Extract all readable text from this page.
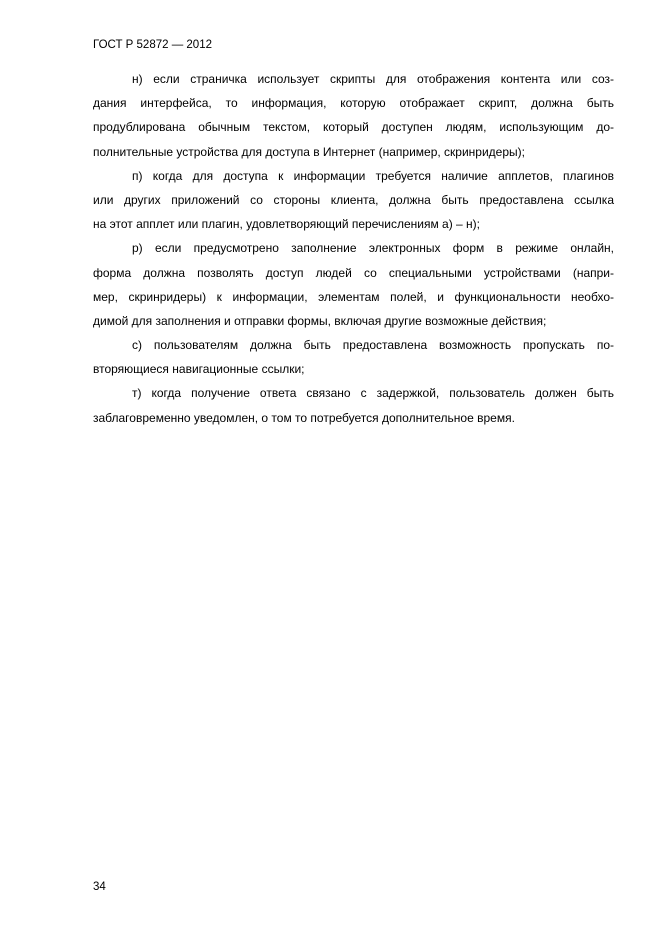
ГОСТ Р 52872 — 2012

н) если страничка использует скрипты для отображения контента или соз-
дания интерфейса, то информация, которую отображает скрипт, должна быть
продублирована обычным текстом, который доступен людям, использующим до-
полнительные устройства для доступа в Интернет (например, скринридеры);

п) когда для доступа к информации требуется наличие апплетов, плагинов
или других приложений со стороны клиента, должна быть предоставлена ссылка
на этот апплет или плагин, удовлетворяющий перечислениям а) – н);

р) если предусмотрено заполнение электронных форм в режиме онлайн,
форма должна позволять доступ людей со специальными устройствами (напри-
мер, скринридеры) к информации, элементам полей, и функциональности необхо-
димой для заполнения и отправки формы, включая другие возможные действия;

с) пользователям должна быть предоставлена возможность пропускать по-
вторяющиеся навигационные ссылки;

т) когда получение ответа связано с задержкой, пользователь должен быть
заблаговременно уведомлен, о том то потребуется дополнительное время.

34
